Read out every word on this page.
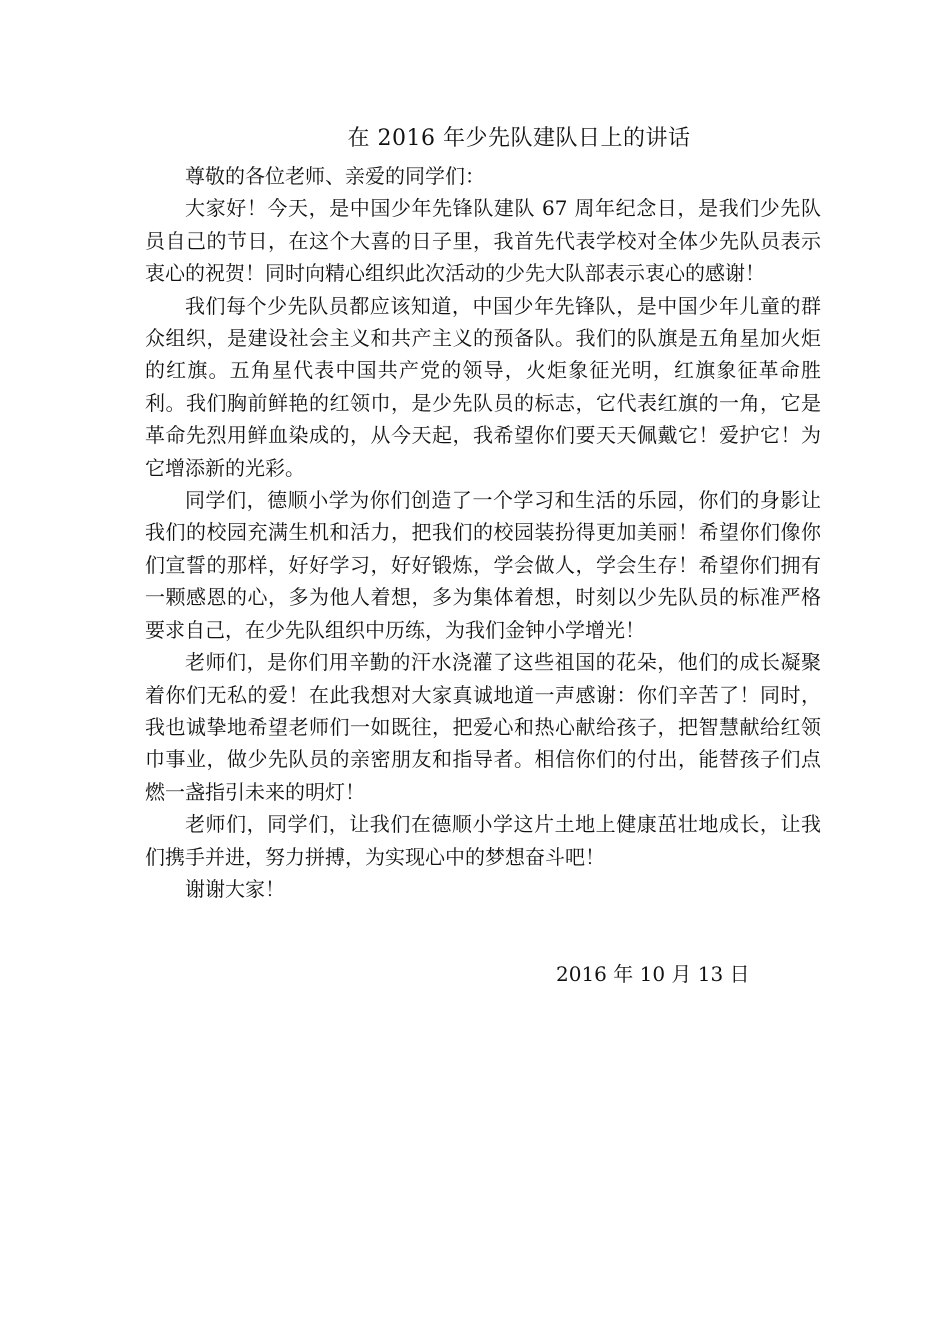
在 2016 年少先队建队日上的讲话

尊敬的各位老师、亲爱的同学们：

大家好！今天，是中国少年先锋队建队 67 周年纪念日，是我们少先队员自己的节日，在这个大喜的日子里，我首先代表学校对全体少先队员表示衷心的祝贺！同时向精心组织此次活动的少先大队部表示衷心的感谢！

我们每个少先队员都应该知道，中国少年先锋队，是中国少年儿童的群众组织，是建设社会主义和共产主义的预备队。我们的队旗是五角星加火炬的红旗。五角星代表中国共产党的领导，火炬象征光明，红旗象征革命胜利。我们胸前鲜艳的红领巾，是少先队员的标志，它代表红旗的一角，它是革命先烈用鲜血染成的，从今天起，我希望你们要天天佩戴它！爱护它！为它增添新的光彩。

同学们，德顺小学为你们创造了一个学习和生活的乐园，你们的身影让我们的校园充满生机和活力，把我们的校园装扮得更加美丽！希望你们像你们宣誓的那样，好好学习，好好锻炼，学会做人，学会生存！希望你们拥有一颗感恩的心，多为他人着想，多为集体着想，时刻以少先队员的标准严格要求自己，在少先队组织中历练，为我们金钟小学增光！

老师们，是你们用辛勤的汗水浇灌了这些祖国的花朵，他们的成长凝聚着你们无私的爱！在此我想对大家真诚地道一声感谢：你们辛苦了！同时，我也诚挚地希望老师们一如既往，把爱心和热心献给孩子，把智慧献给红领巾事业，做少先队员的亲密朋友和指导者。相信你们的付出，能替孩子们点燃一盏指引未来的明灯！

老师们，同学们，让我们在德顺小学这片土地上健康茁壮地成长，让我们携手并进，努力拼搏，为实现心中的梦想奋斗吧！

谢谢大家！

2016 年 10 月 13 日
